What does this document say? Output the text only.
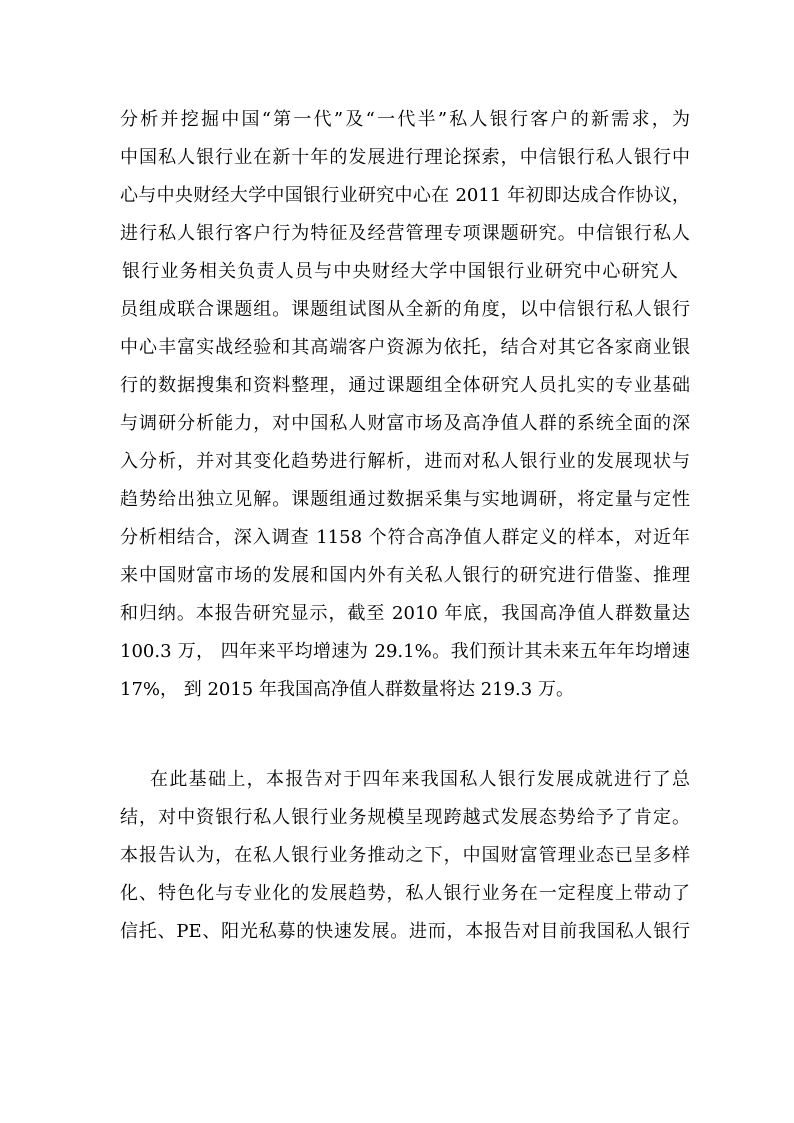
分析并挖掘中国“第一代”及“一代半”私人银行客户的新需求，为
中国私人银行业在新十年的发展进行理论探索，中信银行私人银行中
心与中央财经大学中国银行业研究中心在 2011 年初即达成合作协议，
进行私人银行客户行为特征及经营管理专项课题研究。中信银行私人
银行业务相关负责人员与中央财经大学中国银行业研究中心研究人
员组成联合课题组。课题组试图从全新的角度，以中信银行私人银行
中心丰富实战经验和其高端客户资源为依托，结合对其它各家商业银
行的数据搜集和资料整理，通过课题组全体研究人员扎实的专业基础
与调研分析能力，对中国私人财富市场及高净值人群的系统全面的深
入分析，并对其变化趋势进行解析，进而对私人银行业的发展现状与
趋势给出独立见解。课题组通过数据采集与实地调研，将定量与定性
分析相结合，深入调查 1158 个符合高净值人群定义的样本，对近年
来中国财富市场的发展和国内外有关私人银行的研究进行借鉴、推理
和归纳。本报告研究显示，截至 2010 年底，我国高净值人群数量达
100.3 万， 四年来平均增速为 29.1%。我们预计其未来五年年均增速
17%， 到 2015 年我国高净值人群数量将达 219.3 万。
在此基础上，本报告对于四年来我国私人银行发展成就进行了总
结，对中资银行私人银行业务规模呈现跨越式发展态势给予了肯定。
本报告认为，在私人银行业务推动之下，中国财富管理业态已呈多样
化、特色化与专业化的发展趋势，私人银行业务在一定程度上带动了
信托、PE、阳光私募的快速发展。进而，本报告对目前我国私人银行
